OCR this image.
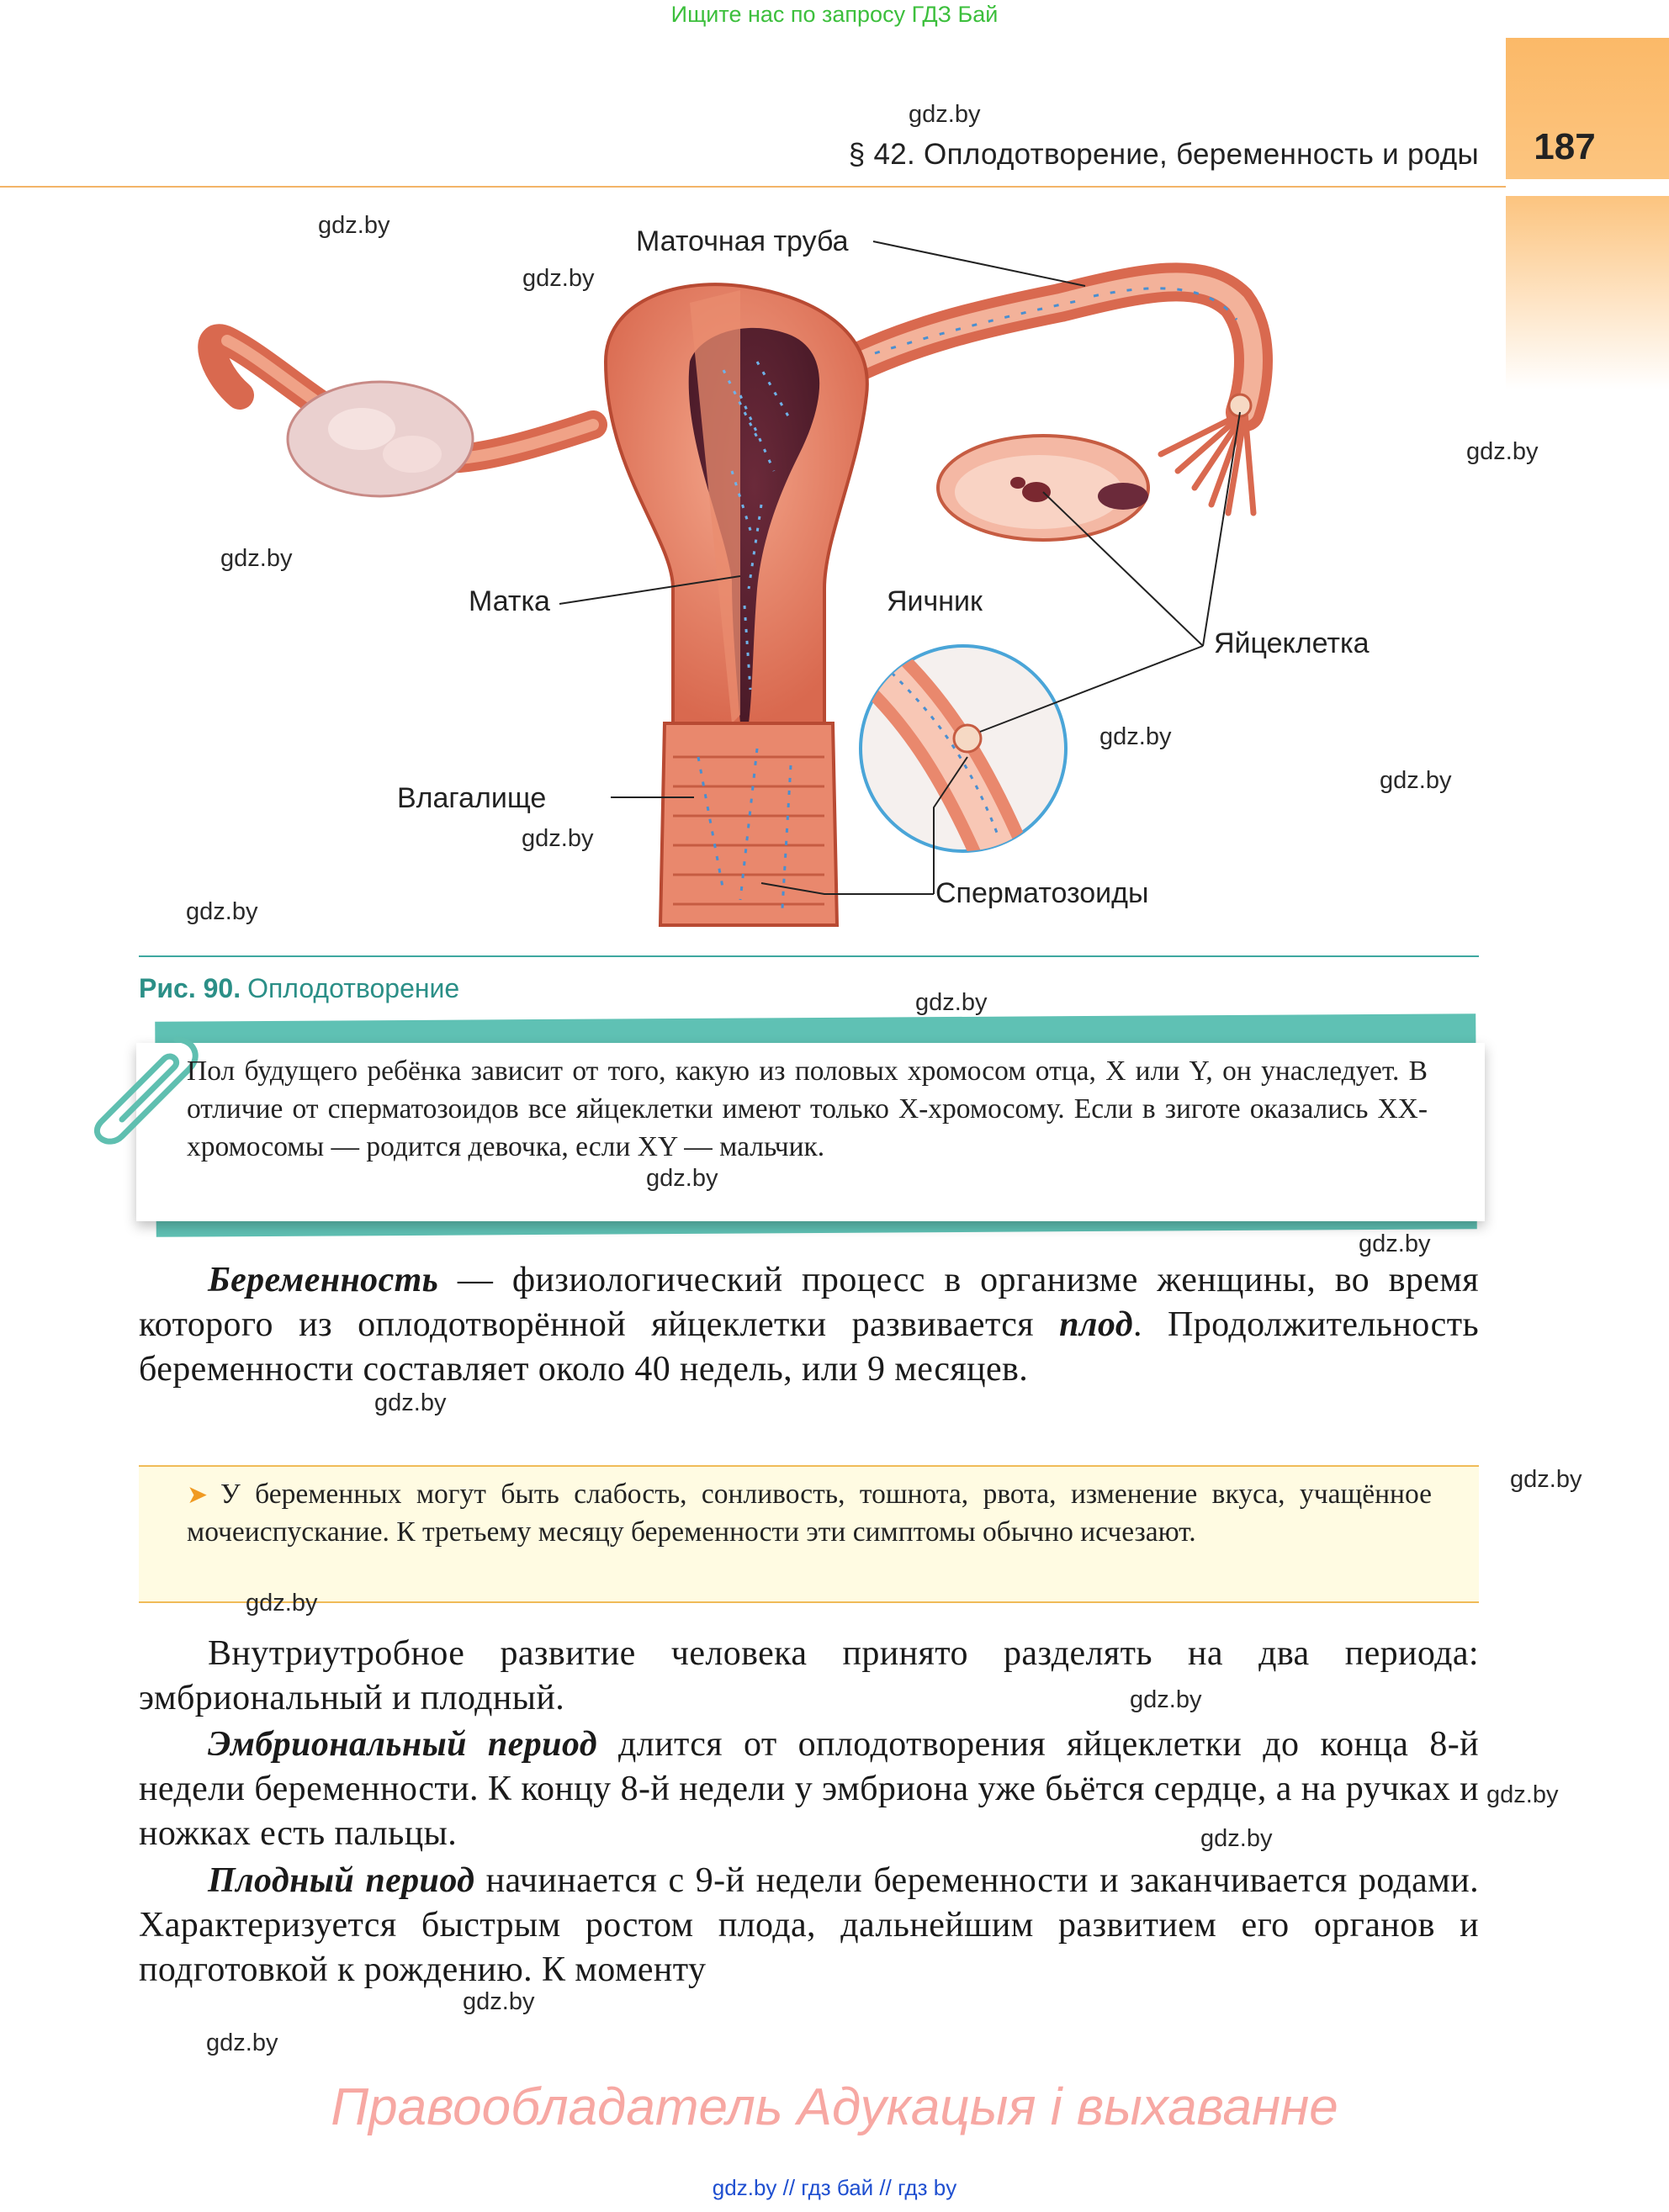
Ищите нас по запросу ГДЗ Бай
187
gdz.by
§ 42. Оплодотворение, беременность и роды
Маточная труба
Матка	Яичник
Яйцеклетка
Влагалище
Сперматозоиды
Рис. 90. Оплодотворение
Пол будущего ребёнка зависит от того, какую из половых хромосом отца, X или Y, он унаследует. В отличие от сперматозоидов все яйцеклетки имеют только X-хромосому. Если в зиготе оказались XX-хромосомы — родится девочка, если XY — мальчик.
Беременность — физиологический процесс в организме женщины, во время которого из оплодотворённой яйцеклетки развивается плод. Продолжительность беременности составляет около 40 недель, или 9 месяцев.
➤ У беременных могут быть слабость, сонливость, тошнота, рвота, изменение вкуса, учащённое мочеиспускание. К третьему месяцу беременности эти симптомы обычно исчезают.
Внутриутробное развитие человека принято разделять на два периода: эмбриональный и плодный.
Эмбриональный период длится от оплодотворения яйцеклетки до конца 8-й недели беременности. К концу 8-й недели у эмбриона уже бьётся сердце, а на ручках и ножках есть пальцы.
Плодный период начинается с 9-й недели беременности и заканчивается родами. Характеризуется быстрым ростом плода, дальнейшим развитием его органов и подготовкой к рождению. К моменту
gdz.by
gdz.by
gdz.by
gdz.by
gdz.by
gdz.by
gdz.by
gdz.by
gdz.by
gdz.by
gdz.by
gdz.by
gdz.by
gdz.by
gdz.by
gdz.by
gdz.by
gdz.by
gdz.by
Правообладатель Адукацыя і выхаванне
gdz.by // гдз бай // гдз by
